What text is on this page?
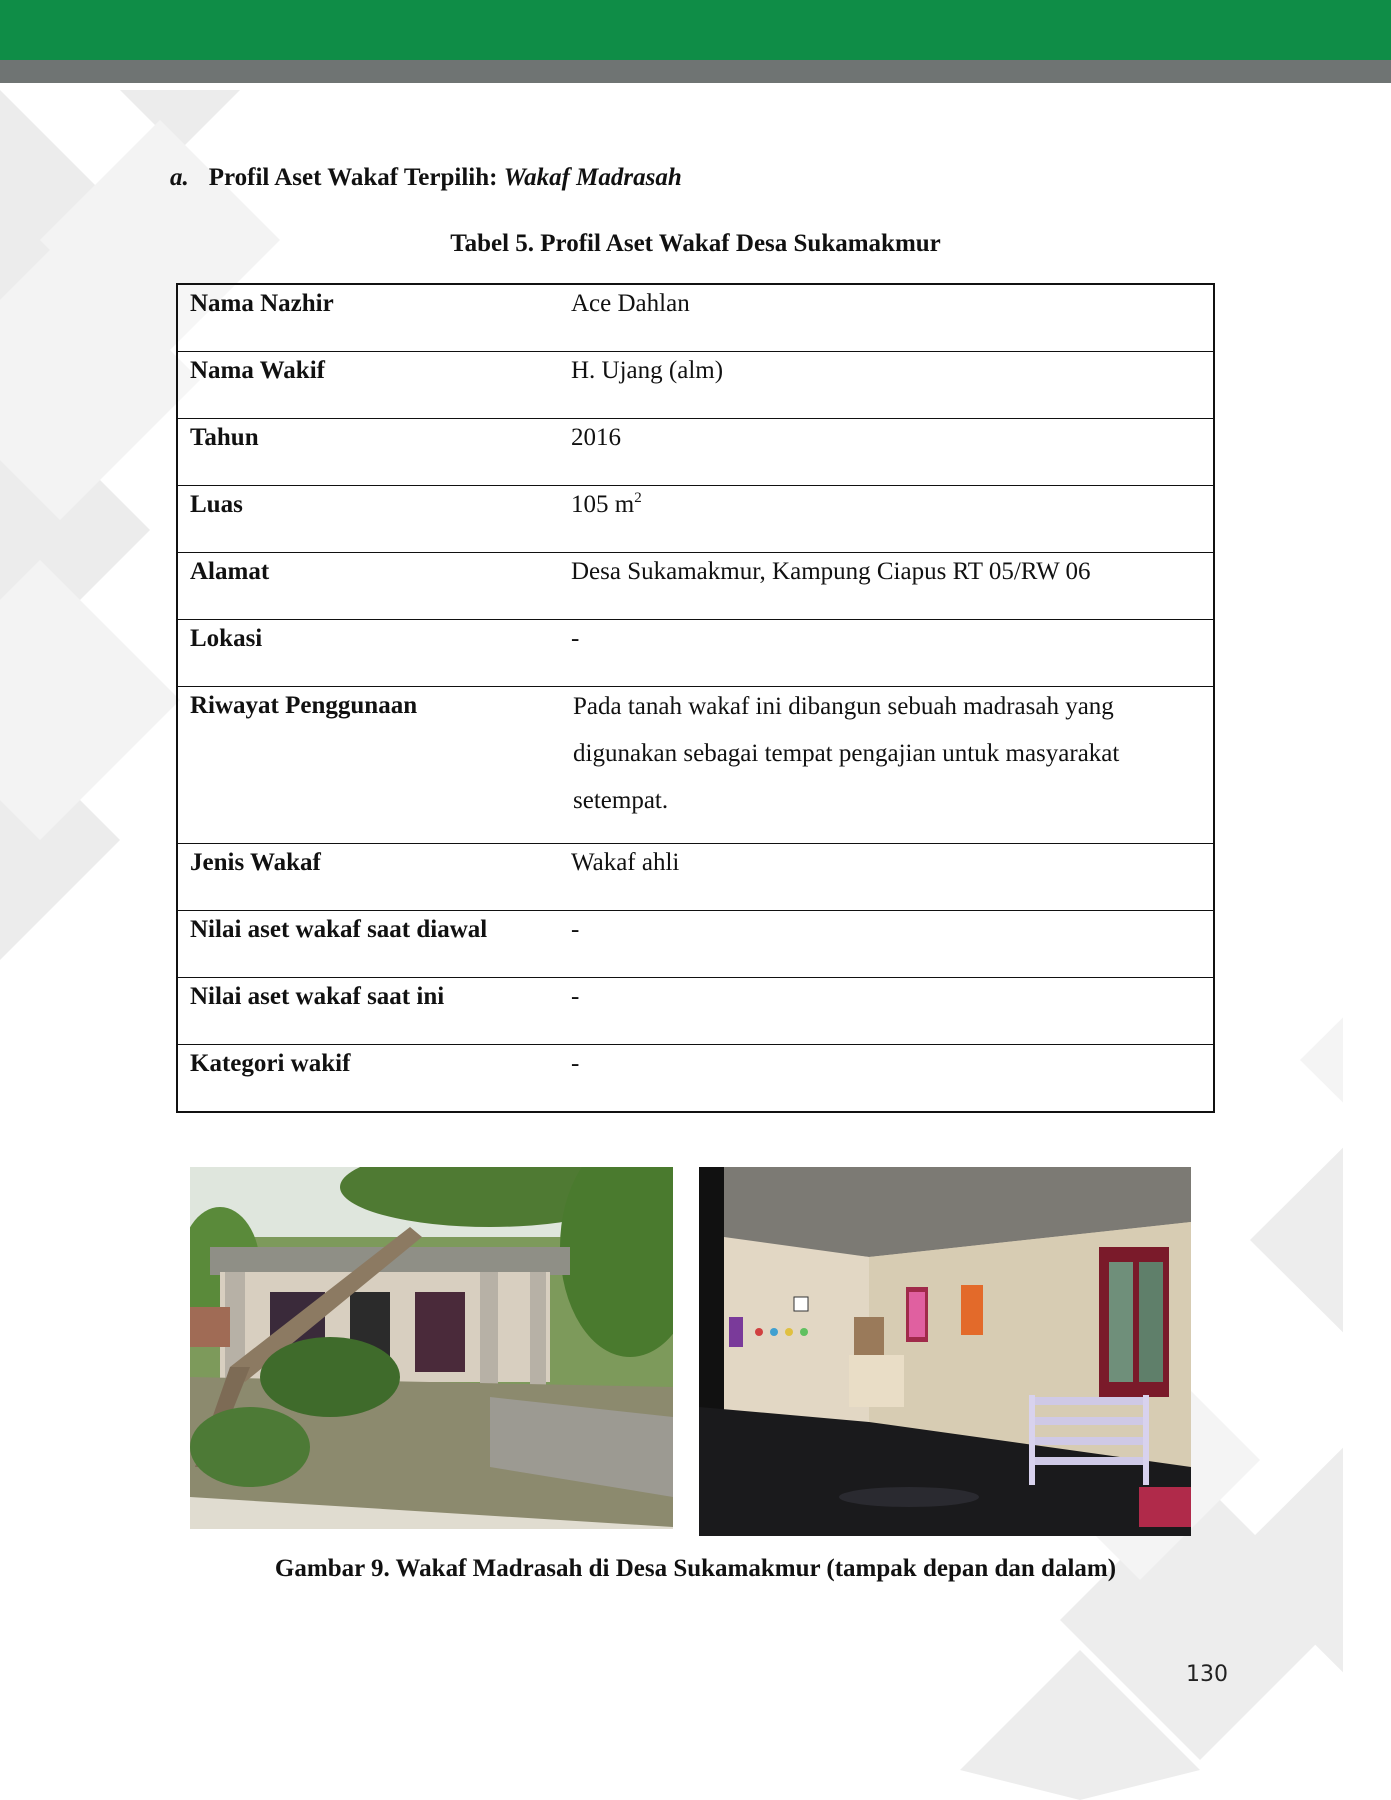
a. Profil Aset Wakaf Terpilih: Wakaf Madrasah
Tabel 5. Profil Aset Wakaf Desa Sukamakmur
Nama Nazhir	Ace Dahlan
Nama Wakif	H. Ujang (alm)
Tahun	2016
Luas	105 $m^2$
Alamat	Desa Sukamakmur, Kampung Ciapus RT 05/RW 06
Lokasi	-
Riwayat Penggunaan	Pada tanah wakaf ini dibangun sebuah madrasah yang
digunakan sebagai tempat pengajian untuk masyarakat
setempat.

Jenis Wakaf	Wakaf ahli
Nilai aset wakaf saat diawal	-
Nilai aset wakaf saat ini	-
Kategori wakif	-
Gambar 9. Wakaf Madrasah di Desa Sukamakmur (tampak depan dan dalam)
130
